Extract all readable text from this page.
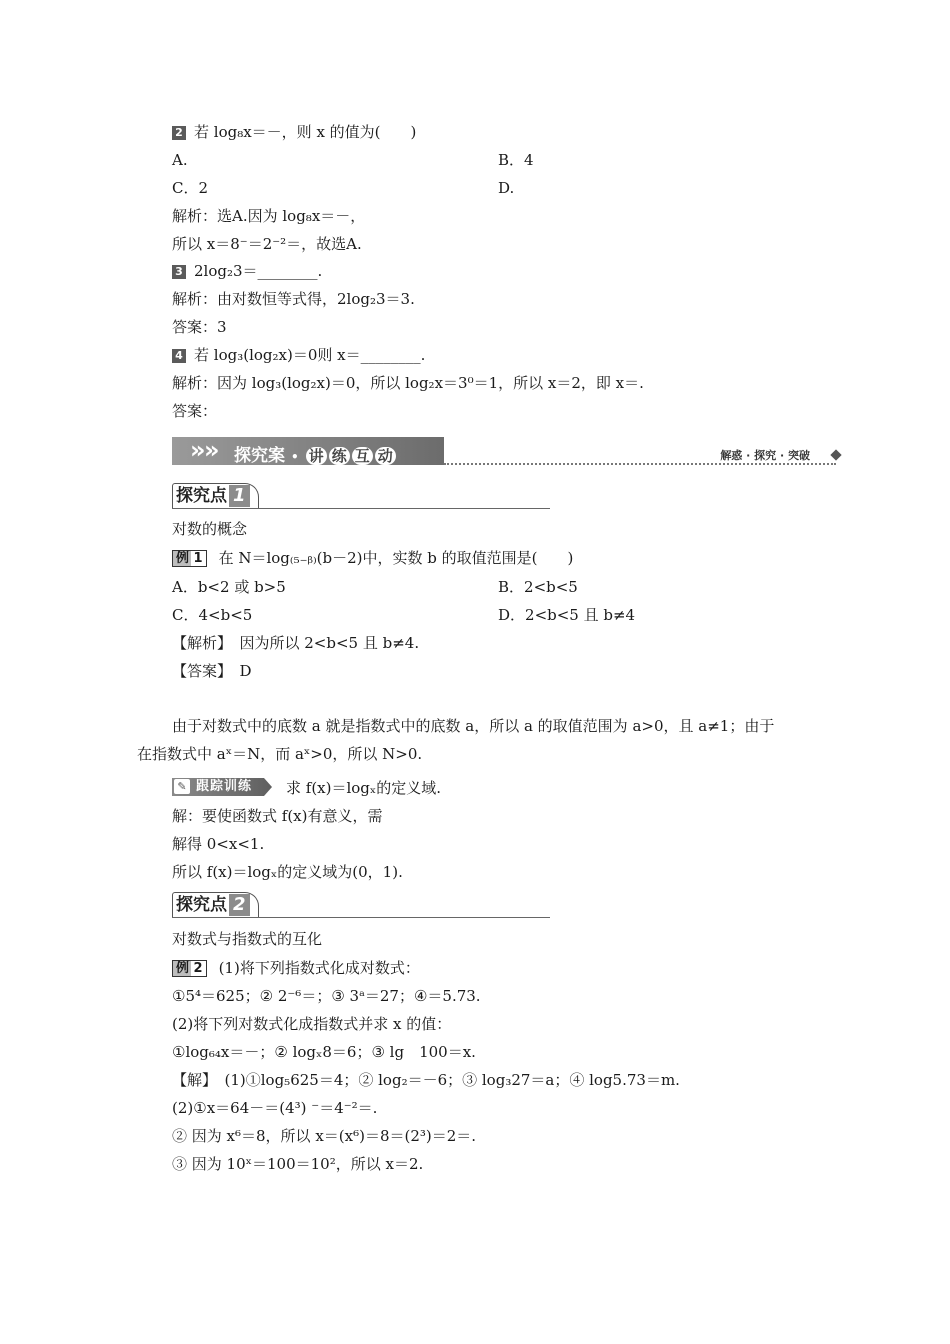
2 若 log₈x＝－，则 x 的值为(　　)
A.	B．4
C．2	D.
解析：选A.因为 log₈x＝－，
所以 x＝8⁻＝2⁻²＝，故选A.
3 2log₂3＝________.
解析：由对数恒等式得，2log₂3＝3.
答案：3
4 若 log₃(log₂x)＝0则 x＝________.
解析：因为 log₃(log₂x)＝0，所以 log₂x＝3⁰＝1，所以 x＝2，即 x＝.
答案：
»
» 探究案 • 讲 练 互 动	解惑 · 探究 · 突破
探究点 1
对数的概念
例 1 在 N＝log₍₅₋ᵦ₎(b－2)中，实数 b 的取值范围是(　　)
A．b<2 或 b>5	B．2<b<5
C．4<b<5	D．2<b<5 且 b≠4
【解析】　因为所以 2<b<5 且 b≠4.
【答案】　D
由于对数式中的底数 a 就是指数式中的底数 a，所以 a 的取值范围为 a>0，且 a≠1；由于
在指数式中 aˣ＝N，而 aˣ>0，所以 N>0.
✎ 跟踪训练 求 f(x)＝logₓ的定义域.
解：要使函数式 f(x)有意义，需
解得 0<x<1.
所以 f(x)＝logₓ的定义域为(0，1).
探究点 2
对数式与指数式的互化
例 2 (1)将下列指数式化成对数式：
①5⁴＝625；② 2⁻⁶＝；③ 3ᵃ＝27；④＝5.73.
(2)将下列对数式化成指数式并求 x 的值：
①log₆₄x＝－；② logₓ8＝6；③ lg　100＝x.
【解】　(1)①log₅625＝4；② log₂＝－6；③ log₃27＝a；④ log5.73＝m.
(2)①x＝64－＝(4³) ⁻＝4⁻²＝.
② 因为 x⁶＝8，所以 x＝(x⁶)＝8＝(2³)＝2＝.
③ 因为 10ˣ＝100＝10²，所以 x＝2.
